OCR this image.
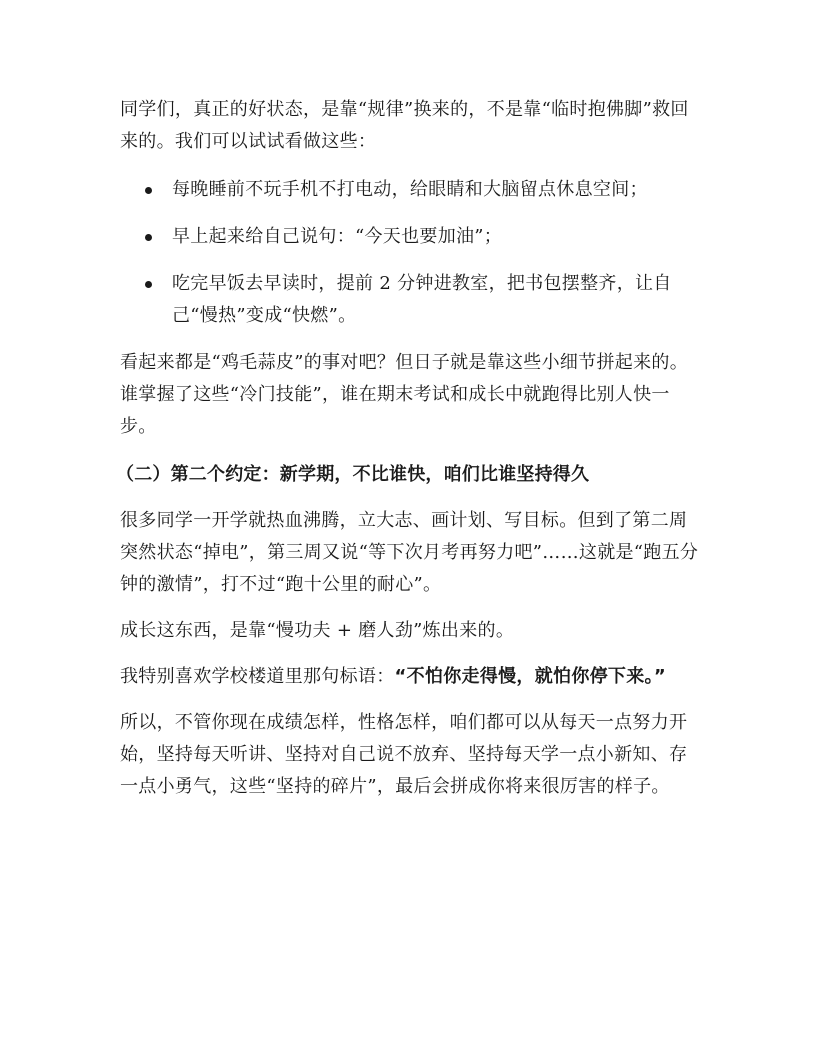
同学们，真正的好状态，是靠“规律”换来的，不是靠“临时抱佛脚”救回来的。我们可以试试看做这些：

每晚睡前不玩手机不打电动，给眼睛和大脑留点休息空间；
早上起来给自己说句：“今天也要加油”；
吃完早饭去早读时，提前 2 分钟进教室，把书包摆整齐，让自己“慢热”变成“快燃”。

看起来都是“鸡毛蒜皮”的事对吧？但日子就是靠这些小细节拼起来的。谁掌握了这些“冷门技能”，谁在期末考试和成长中就跑得比别人快一步。

（二）第二个约定：新学期，不比谁快，咱们比谁坚持得久

很多同学一开学就热血沸腾，立大志、画计划、写目标。但到了第二周突然状态“掉电”，第三周又说“等下次月考再努力吧”……这就是“跑五分钟的激情”，打不过“跑十公里的耐心”。

成长这东西，是靠“慢功夫 + 磨人劲”炼出来的。

我特别喜欢学校楼道里那句标语：“不怕你走得慢，就怕你停下来。”

所以，不管你现在成绩怎样，性格怎样，咱们都可以从每天一点努力开始，坚持每天听讲、坚持对自己说不放弃、坚持每天学一点小新知、存一点小勇气，这些“坚持的碎片”，最后会拼成你将来很厉害的样子。
